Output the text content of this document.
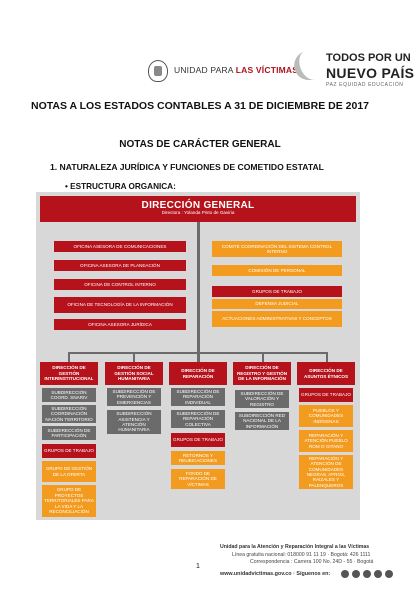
UNIDAD PARA LAS VÍCTIMAS
TODOS POR UN
NUEVO PAÍS
PAZ EQUIDAD EDUCACIÓN
NOTAS A LOS ESTADOS CONTABLES A 31 DE DICIEMBRE DE 2017
NOTAS DE CARÁCTER GENERAL
1. NATURALEZA JURÍDICA Y FUNCIONES DE COMETIDO ESTATAL
• ESTRUCTURA ORGANICA:
DIRECCIÓN GENERAL
Directora : Yolanda Pinto de Gaviria
OFICINA ASESORA DE COMUNICACIONES
OFICINA ASESORA DE PLANEACIÓN
OFICINA DE CONTROL INTERNO
OFICINA DE TECNOLOGÍA DE LA INFORMACIÓN
OFICINA ASESORA JURÍDICA
COMITÉ COORDINACIÓN DEL SISTEMA CONTROL INTERNO
COMISIÓN DE PERSONAL
GRUPOS DE TRABAJO
DEFENSA JUDICIAL
ACTUACIONES ADMINISTRATIVAS Y CONCEPTOS
DIRECCIÓN DE GESTIÓN INTERINSTITUCIONAL
SUBDIRECCIÓN COORD. SNARIV
SUBDIRECCIÓN COORDINACIÓN NACIÓN TERRITORIO
SUBDIRECCIÓN DE PARTICIPACIÓN
GRUPOS DE TRABAJO
GRUPO DE GESTIÓN DE LA OFERTA
GRUPO DE PROYECTOS TERRITORIALES PARA LA VIDA Y LA RECONCILIACIÓN
DIRECCIÓN DE GESTIÓN SOCIAL HUMANITARIA
SUBDIRECCIÓN DE PREVENCIÓN Y EMERGENCIAS
SUBDIRECCIÓN ASISTENCIA Y ATENCIÓN HUMANITARIA
DIRECCIÓN DE REPARACIÓN
SUBDIRECCIÓN DE REPARACIÓN INDIVIDUAL
SUBDIRECCIÓN DE REPARACIÓN COLECTIVA
GRUPOS DE TRABAJO
RETORNOS Y REUBICACIONES
FONDO DE REPARACIÓN DE VÍCTIMAS
DIRECCIÓN DE REGISTRO Y GESTIÓN DE LA INFORMACIÓN
SUBDIRECCIÓN DE VALORACIÓN Y REGISTRO
SUBDIRECCIÓN RED NACIONAL DE LA INFORMACIÓN
DIRECCIÓN DE ASUNTOS ÉTNICOS
GRUPOS DE TRABAJO
PUEBLOS Y COMUNIDADES INDÍGENAS
REPARACIÓN Y ATENCIÓN PUEBLO ROM O GITANO
REPARACIÓN Y ATENCIÓN DE COMUNIDADES NEGRAS, AFROS, RAIZALES Y PALENQUEROS
Unidad para la Atención y Reparación Integral a las Víctimas
Línea gratuita nacional: 018000 91 11 19 · Bogotá: 426 1111
Correspondencia : Carrera 100 No. 24D - 55 · Bogotá
1
www.unidadvictimas.gov.co · Síguenos en:
